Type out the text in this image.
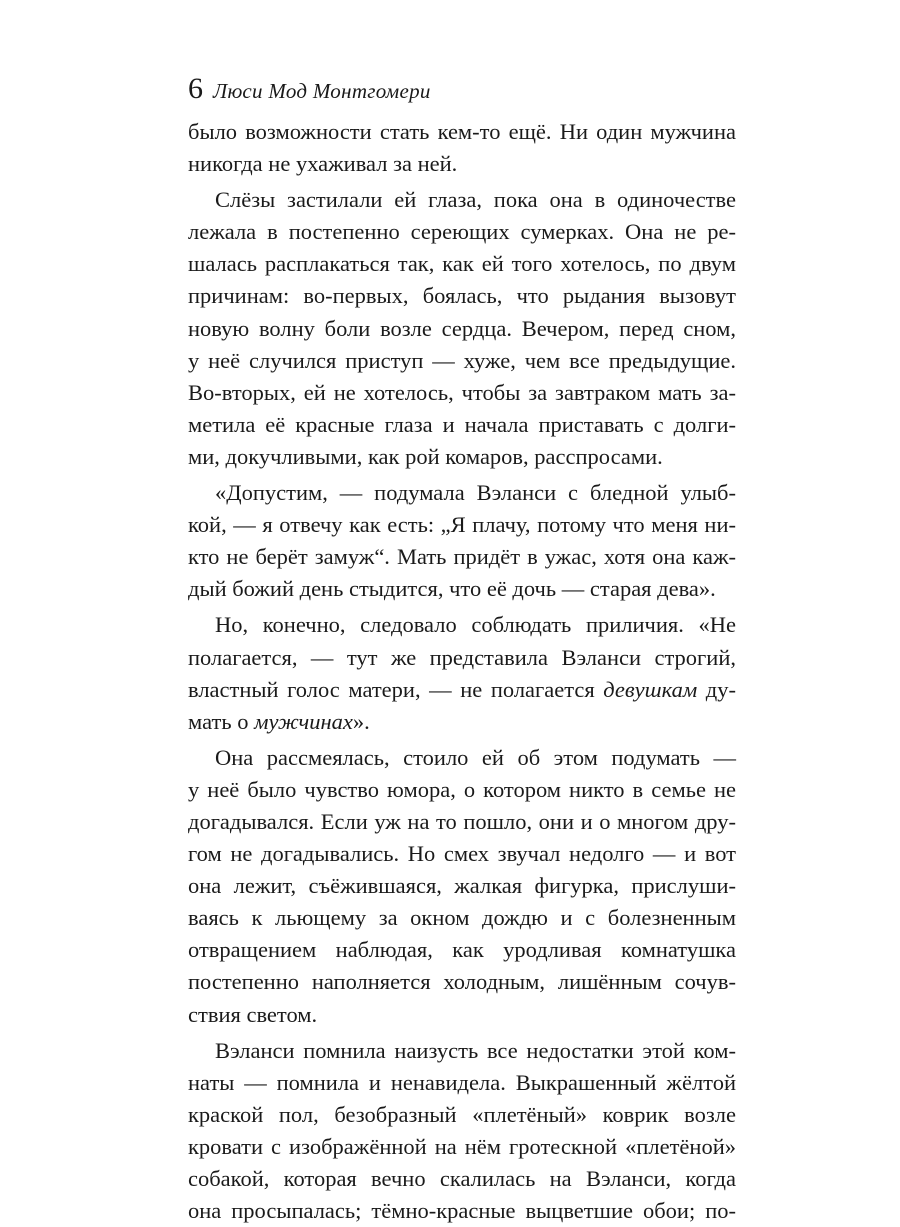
6 Люси Мод Монтгомери
было возможности стать кем-то ещё. Ни один мужчина
никогда не ухаживал за ней.
Слёзы застилали ей глаза, пока она в одиночестве
лежала в постепенно сереющих сумерках. Она не ре-
шалась расплакаться так, как ей того хотелось, по двум
причинам: во-первых, боялась, что рыдания вызовут
новую волну боли возле сердца. Вечером, перед сном,
у неё случился приступ — хуже, чем все предыдущие.
Во-вторых, ей не хотелось, чтобы за завтраком мать за-
метила её красные глаза и начала приставать с долги-
ми, докучливыми, как рой комаров, расспросами.
«Допустим, — подумала Вэланси с бледной улыб-
кой, — я отвечу как есть: „Я плачу, потому что меня ни-
кто не берёт замуж“. Мать придёт в ужас, хотя она каж-
дый божий день стыдится, что её дочь — старая дева».
Но, конечно, следовало соблюдать приличия. «Не
полагается, — тут же представила Вэланси строгий,
властный голос матери, — не полагается девушкам ду-
мать о мужчинах».
Она рассмеялась, стоило ей об этом подумать —
у неё было чувство юмора, о котором никто в семье не
догадывался. Если уж на то пошло, они и о многом дру-
гом не догадывались. Но смех звучал недолго — и вот
она лежит, съёжившаяся, жалкая фигурка, прислуши-
ваясь к льющему за окном дождю и с болезненным
отвращением наблюдая, как уродливая комнатушка
постепенно наполняется холодным, лишённым сочув-
ствия светом.
Вэланси помнила наизусть все недостатки этой ком-
наты — помнила и ненавидела. Выкрашенный жёлтой
краской пол, безобразный «плетёный» коврик возле
кровати с изображённой на нём гротескной «плетёной»
собакой, которая вечно скалилась на Вэланси, когда
она просыпалась; тёмно-красные выцветшие обои; по-
